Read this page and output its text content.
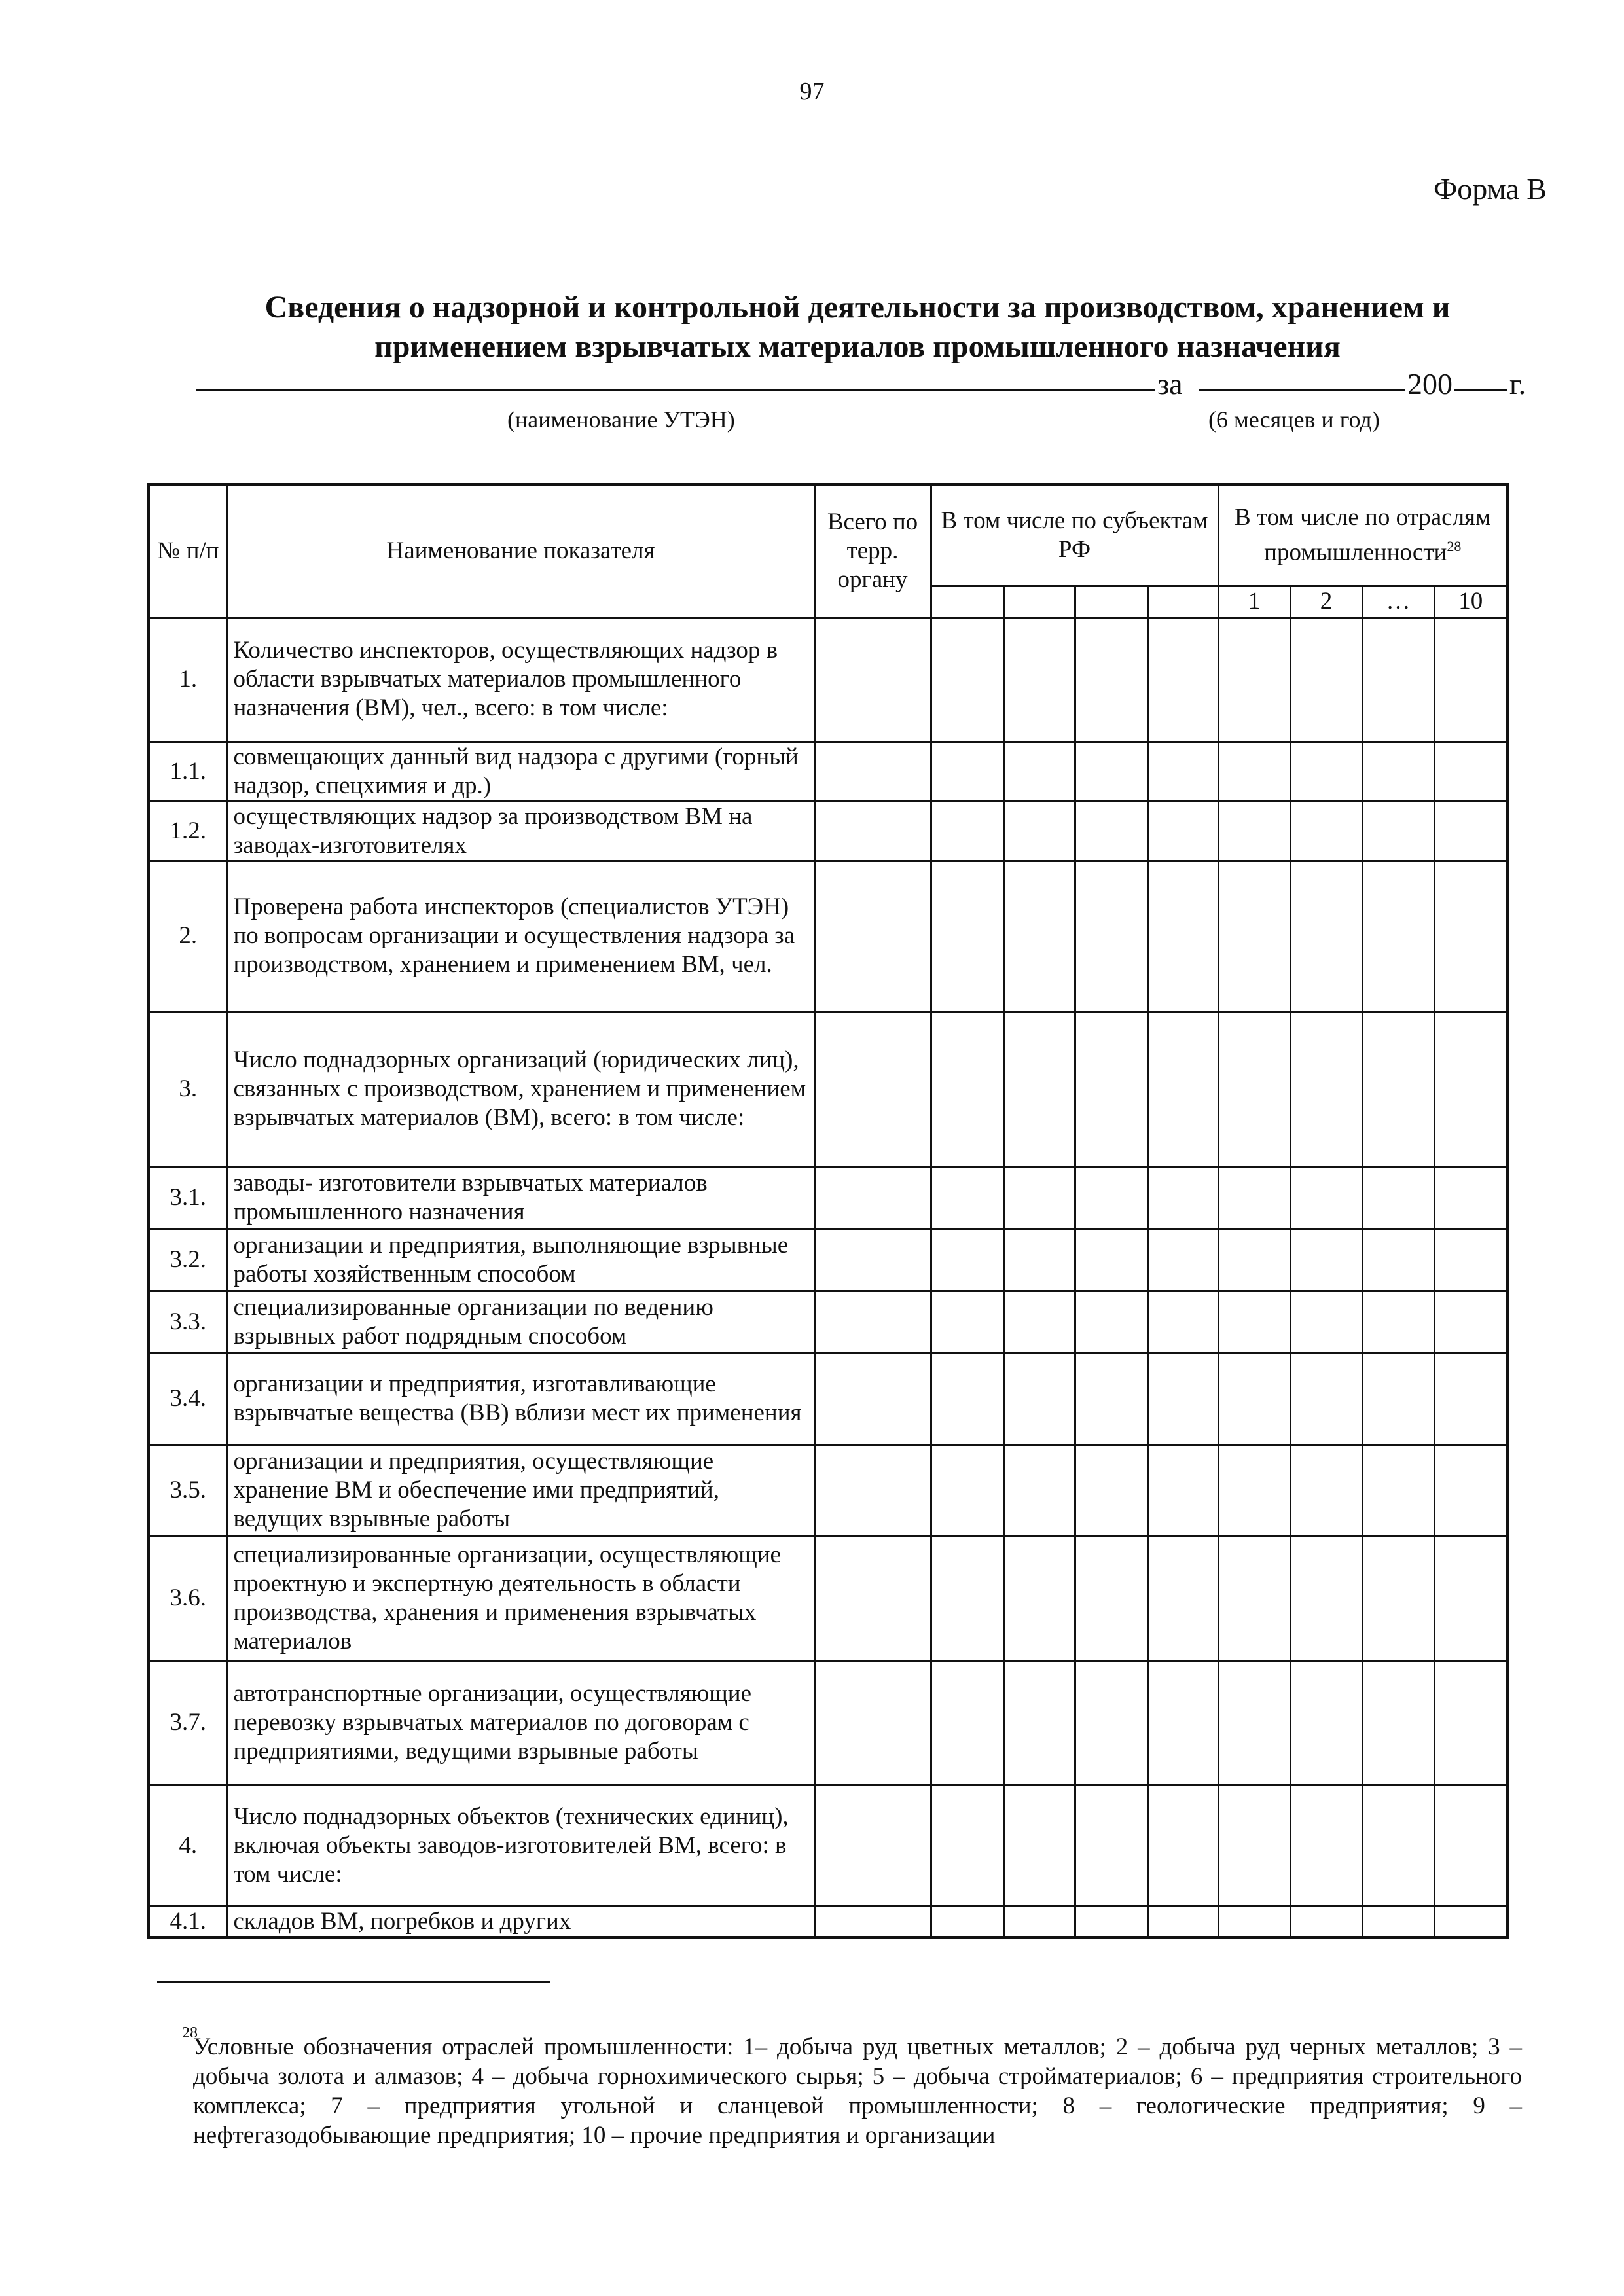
97
Форма В
Сведения о надзорной и контрольной деятельности за производством, хранением и
применением взрывчатых материалов промышленного назначения
за	200 г.
(наименование УТЭН)	(6 месяцев и год)
№ п/п	Наименование показателя	Всего по терр. органу	В том числе по субъектам РФ				В том числе по отраслям промышленности$^{28}$
							1	2	…	10
1.	Количество инспекторов, осуществляющих надзор в области взрывчатых материалов промышленного назначения (ВМ), чел., всего: в том числе:									
1.1.	совмещающих данный вид надзора с другими (горный надзор, спецхимия и др.)									
1.2.	осуществляющих надзор за производством ВМ на заводах-изготовителях									
2.	Проверена работа инспекторов (специалистов УТЭН) по вопросам организации и осуществления надзора за производством, хранением и применением ВМ, чел.									
3.	Число поднадзорных организаций (юридических лиц), связанных с производством, хранением и применением взрывчатых материалов (ВМ), всего: в том числе:									
3.1.	заводы- изготовители взрывчатых материалов промышленного назначения									
3.2.	организации и предприятия, выполняющие взрывные работы хозяйственным способом									
3.3.	специализированные организации по ведению взрывных работ подрядным способом									
3.4.	организации и предприятия, изготавливающие взрывчатые вещества (ВВ) вблизи мест их применения									
3.5.	организации и предприятия, осуществляющие хранение ВМ и обеспечение ими предприятий, ведущих взрывные работы									
3.6.	специализированные организации, осуществляющие проектную и экспертную деятельность в области производства, хранения и применения взрывчатых материалов									
3.7.	автотранспортные организации, осуществляющие перевозку взрывчатых материалов по договорам с предприятиями, ведущими взрывные работы									
4.	Число поднадзорных объектов (технических единиц), включая объекты заводов-изготовителей ВМ, всего: в том числе:									
4.1.	складов ВМ, погребков и других									
28
Условные обозначения отраслей промышленности: 1– добыча руд цветных металлов; 2 – добыча руд черных металлов; 3 – добыча золота и алмазов; 4 – добыча горнохимического сырья; 5 – добыча стройматериалов; 6 – предприятия строительного комплекса; 7 – предприятия угольной и сланцевой промышленности; 8 – геологические предприятия; 9 – нефтегазодобывающие предприятия; 10 – прочие предприятия и организации
